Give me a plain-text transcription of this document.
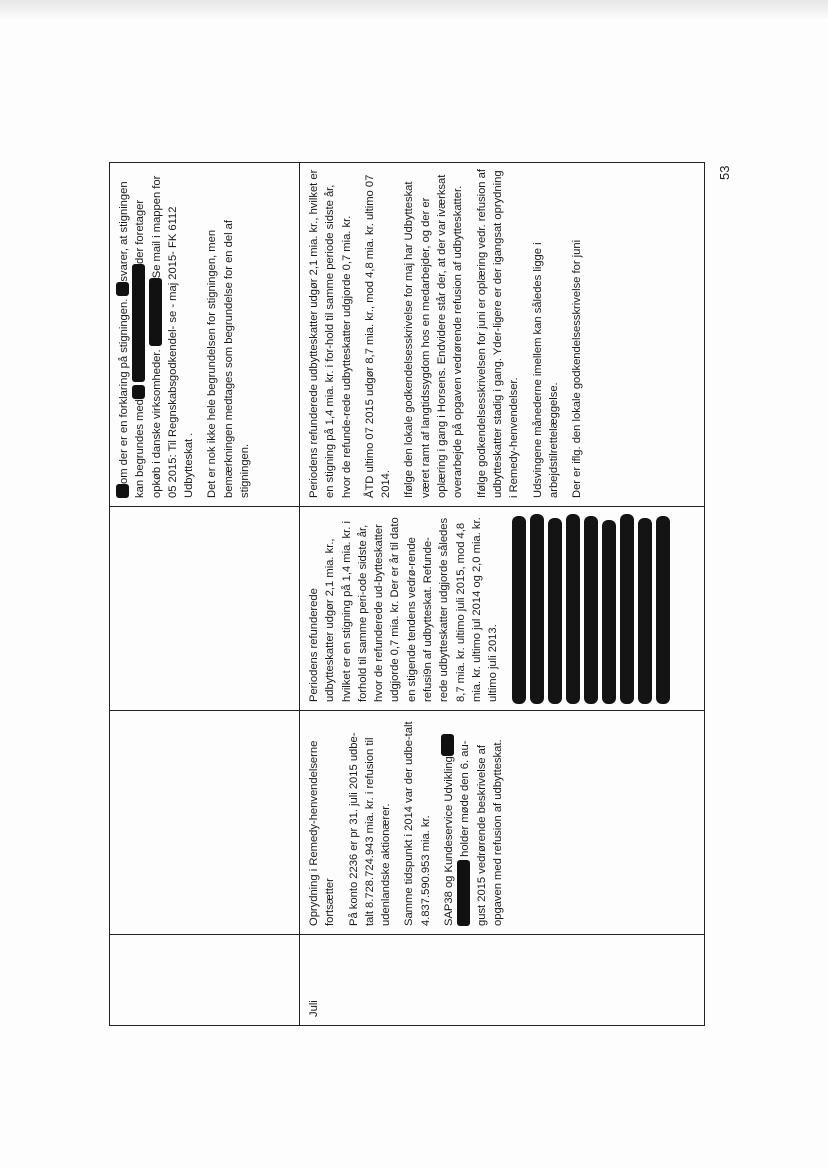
om der er en forklaring på stigningen. svarer, at stigningen kan begrundes med der foretager opkøb i danske virksomheder. Se mail i mappen for 05 2015: Til Regnskabsgodkendel- se - maj 2015- FK 6112 Udbytteskat . Det er nok ikke hele begrundelsen for stigningen, men bemærkningen medtages som begrundelse for en del af stigningen.

Juli

Oprydning i Remedy-henvendelserne fortsætter På konto 2236 er pr 31. juli 2015 udbe-talt 8.728.724.943 mia. kr. i refusion til udenlandske aktionærer. Samme tidspunkt i 2014 var der udbe-talt 4.837.590.953 mia. kr. SAP38 og Kundeservice Udvikling holder møde den 6. au- gust 2015 vedrørende beskrivelse af opgaven med refusion af udbytteskat.

Periodens refunderede udbytteskatter udgør 2,1 mia. kr., hvilket er en stigning på 1,4 mia. kr. i forhold til samme peri-ode sidste år, hvor de refunderede ud-bytteskatter udgjorde 0,7 mia. kr. Der er år til dato en stigende tendens vedrø-rende refusi9n af udbytteskat. Refunde-rede udbytteskatter udgjorde således 8,7 mia. kr. ultimo juli 2015, mod 4,8 mia. kr. ultimo jul 2014 og 2,0 mia. kr. ultimo juli 2013.

Periodens refunderede udbytteskatter udgør 2,1 mia. kr., hvilket er en stigning på 1,4 mia. kr. i for-hold til samme periode sidste år, hvor de refunde-rede udbytteskatter udgjorde 0,7 mia. kr. ÅTD ultimo 07 2015 udgør 8,7 mia. kr., mod 4,8 mia. kr. ultimo 07 2014. Ifølge den lokale godkendelsesskrivelse for maj har Udbytteskat været ramt af langtidssygdom hos en medarbejder, og der er oplæring i gang i Horsens. Endvidere står der, at der var iværksat overarbejde på opgaven vedrørende refusion af udbytteskatter. Ifølge godkendelsesskrivelsen for juni er oplæring vedr. refusion af udbytteskatter stadig i gang. Yder-ligere er der igangsat oprydning i Remedy-henvendelser. Udsvingene månederne imellem kan således ligge i arbejdstilrettelæggelse. Der er iflg. den lokale godkendelsesskrivelse for juni

53
